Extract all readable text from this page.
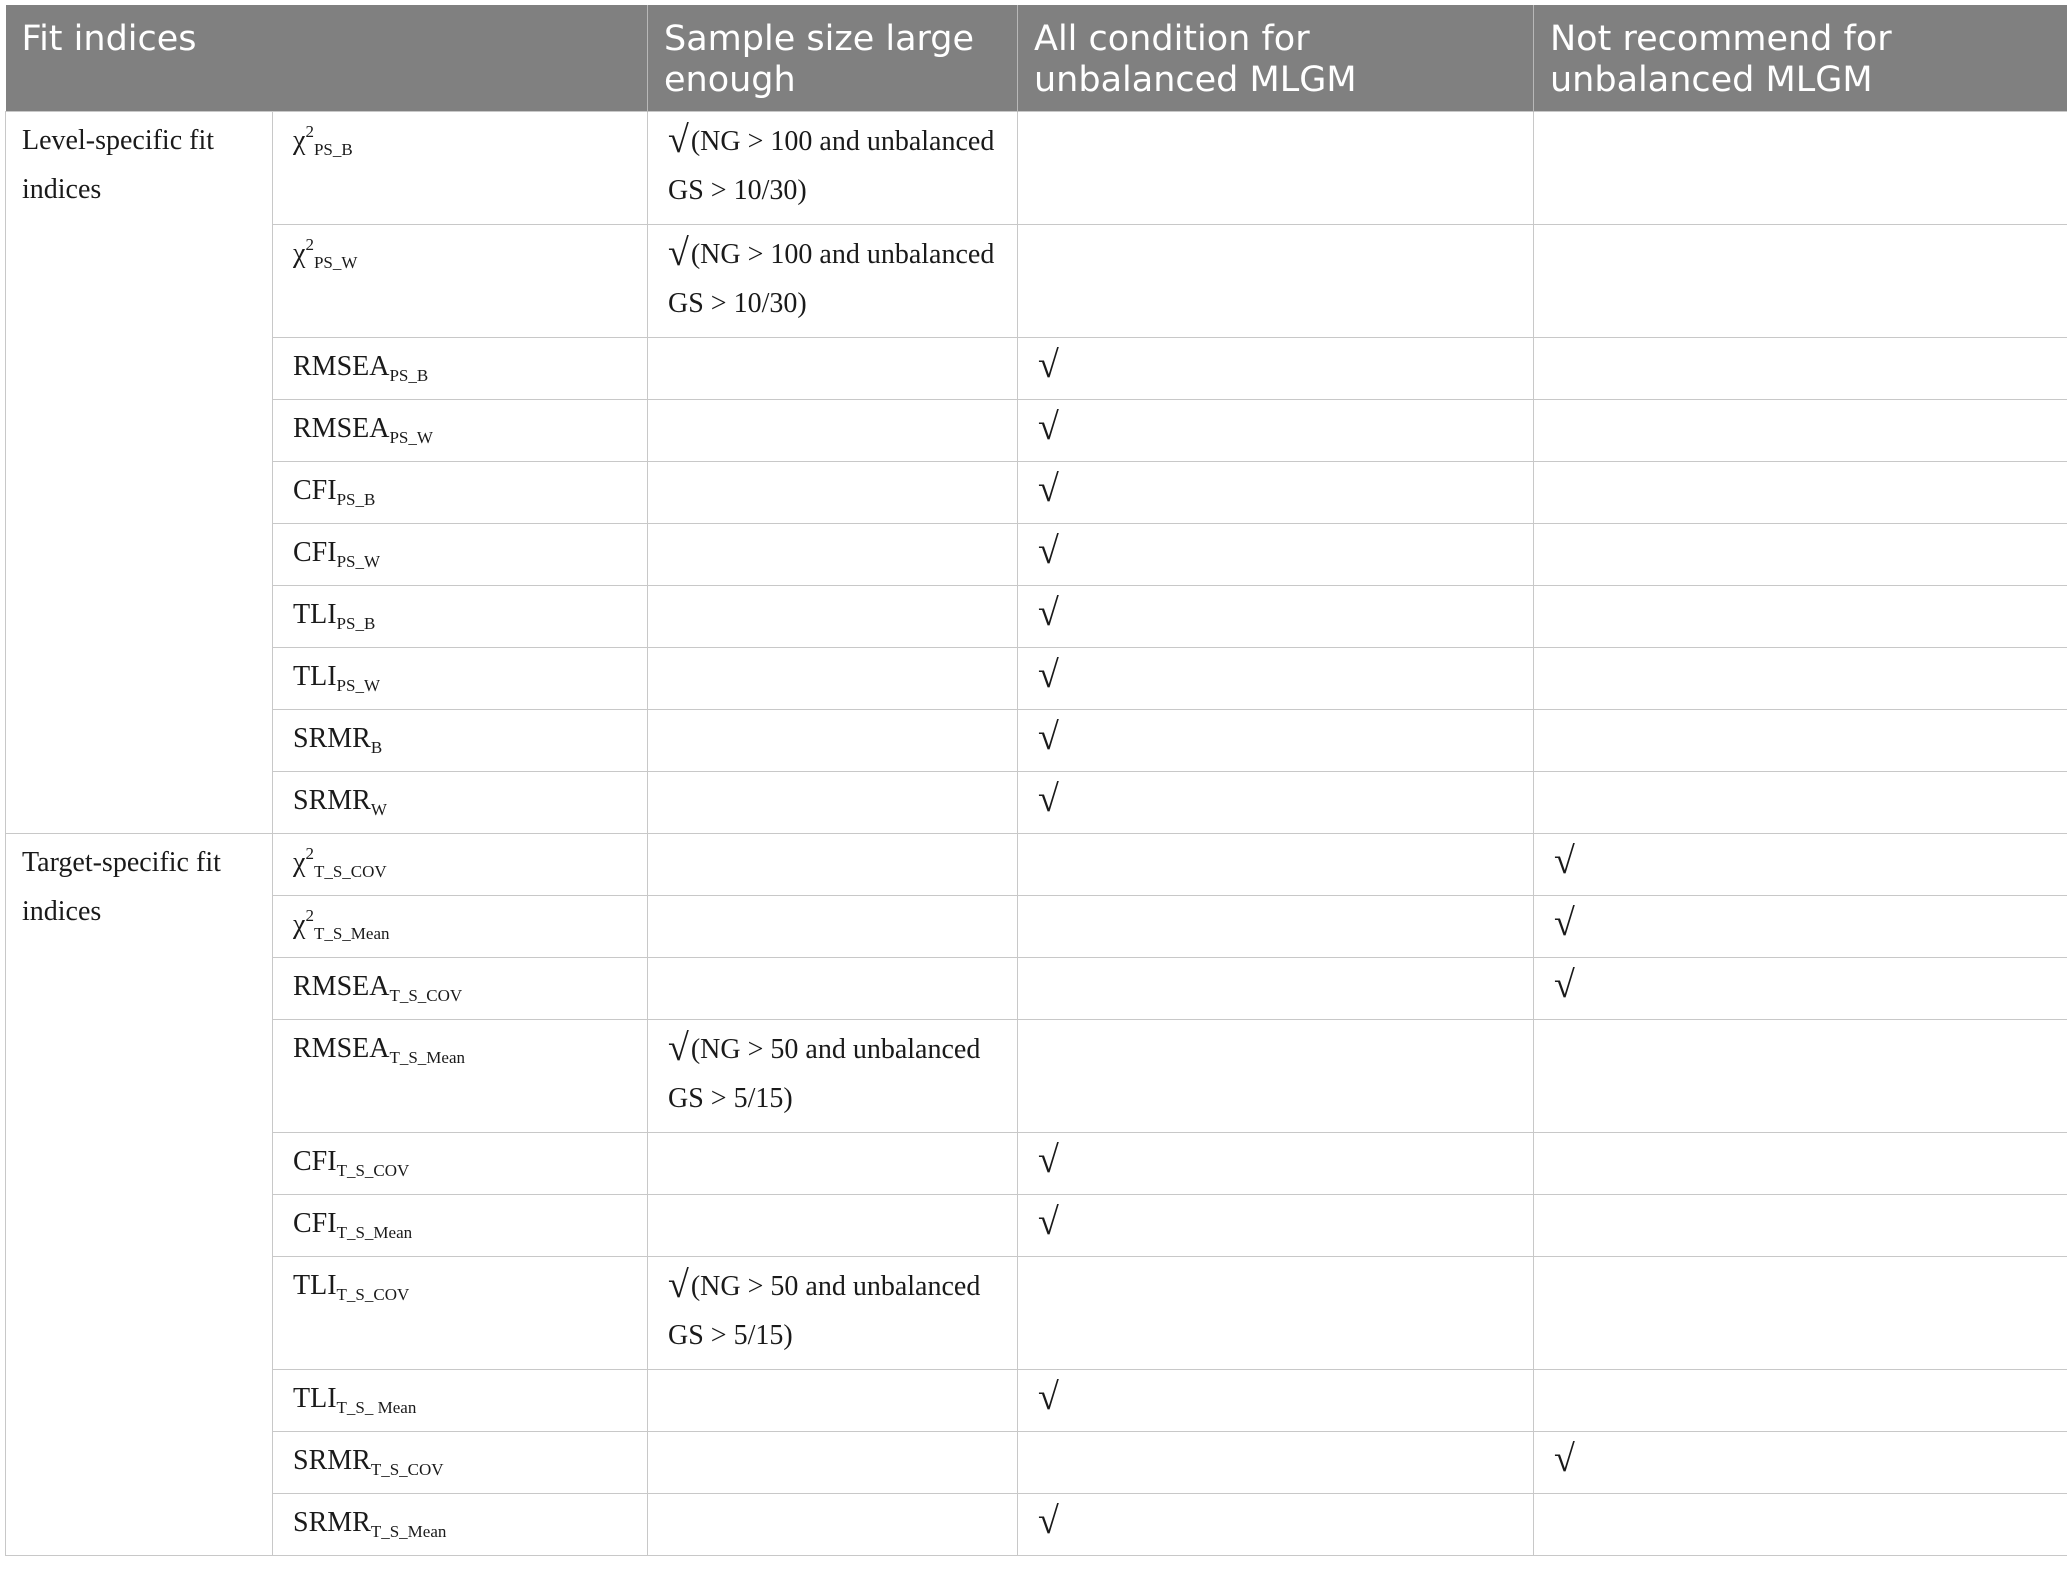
Fit indices		Sample size large enough	All condition for unbalanced MLGM	Not recommend for unbalanced MLGM
Level-specific fit indices	$\chi^2_{PS\_B}$	√(NG > 100 and unbalanced GS > 10/30)		
	$\chi^2_{PS\_W}$	√(NG > 100 and unbalanced GS > 10/30)		
	$RMSEA_{PS\_B}$		√	
	$RMSEA_{PS\_W}$		√	
	$CFI_{PS\_B}$		√	
	$CFI_{PS\_W}$		√	
	$TLI_{PS\_B}$		√	
	$TLI_{PS\_W}$		√	
	$SRMR_B$		√	
	$SRMR_W$		√	
Target-specific fit indices	$\chi^2_{T\_S\_COV}$			√
	$\chi^2_{T\_S\_Mean}$			√
	$RMSEA_{T\_S\_COV}$			√
	$RMSEA_{T\_S\_Mean}$	√(NG > 50 and unbalanced GS > 5/15)		
	$CFI_{T\_S\_COV}$		√	
	$CFI_{T\_S\_Mean}$		√	
	$TLI_{T\_S\_COV}$	√(NG > 50 and unbalanced GS > 5/15)		
	$TLI_{T\_S\_ Mean}$		√	
	$SRMR_{T\_S\_COV}$			√
	$SRMR_{T\_S\_Mean}$		√	
